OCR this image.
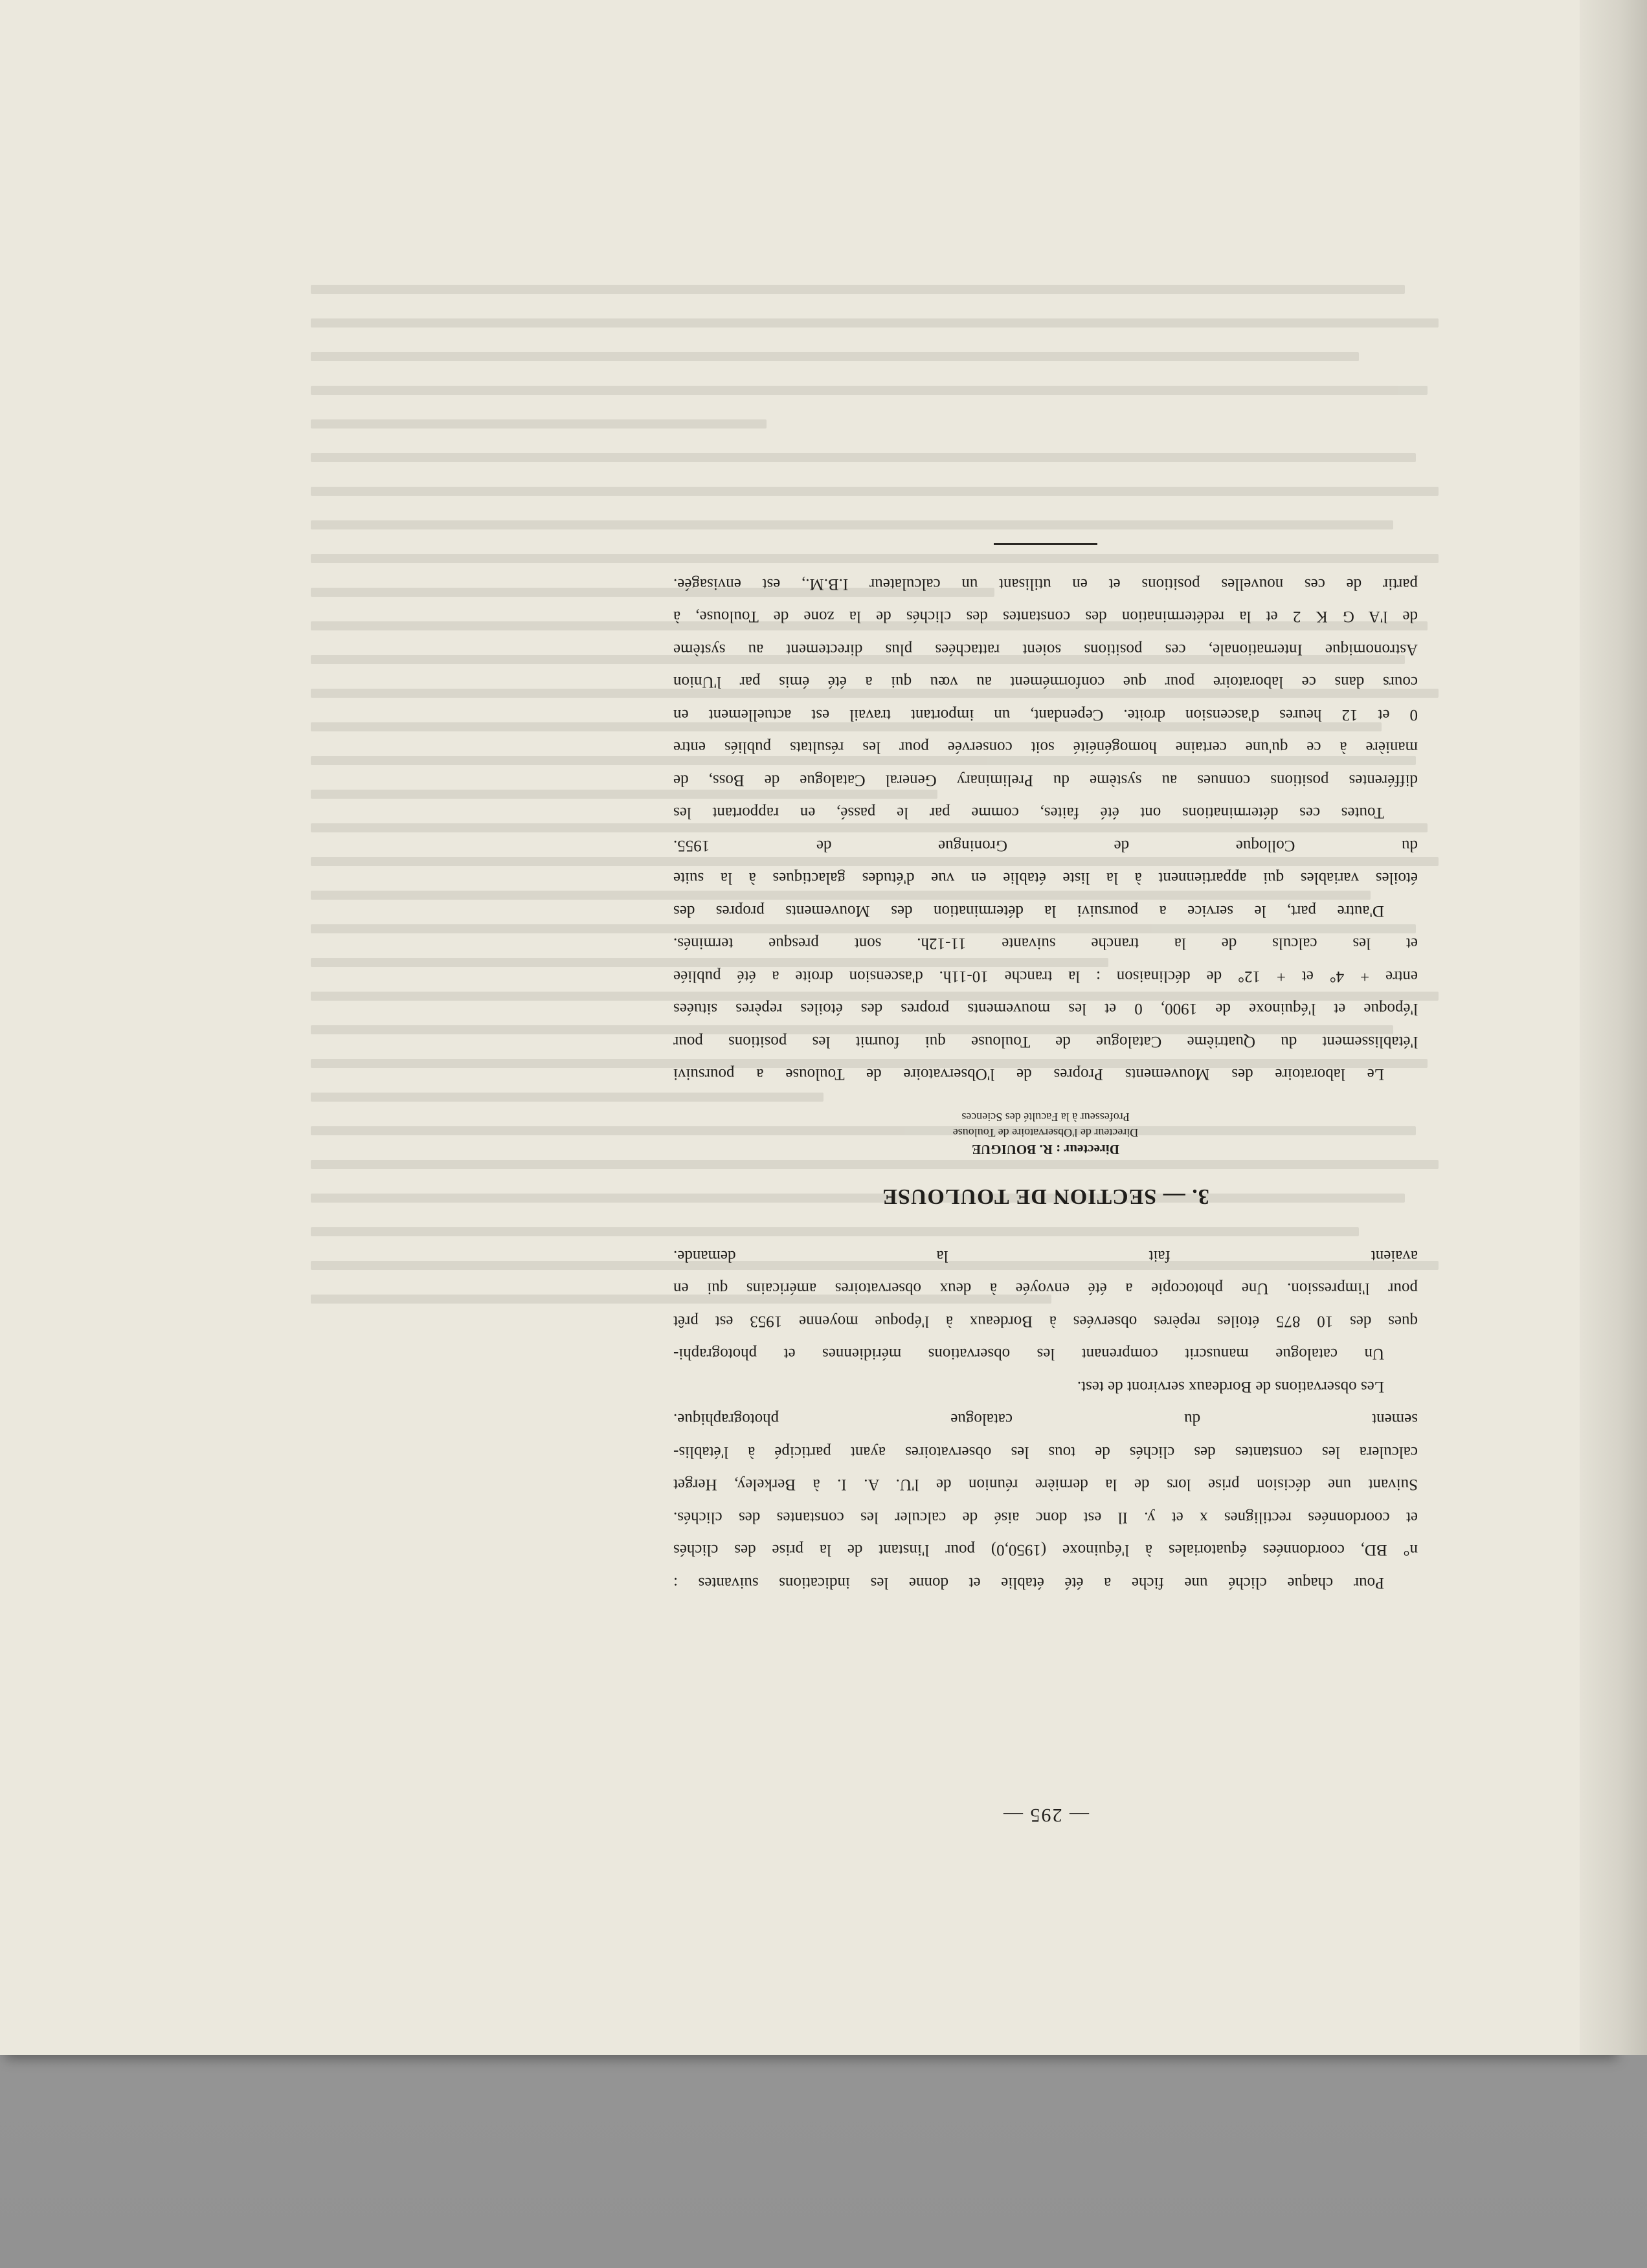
— 295 —

Pour chaque cliché une fiche a été établie et donne les indications suivantes :
n° BD, coordonnées équatoriales à l'équinoxe (1950,0) pour l'instant de la prise des clichés
et coordonnées rectilignes x et y. Il est donc aisé de calculer les constantes des clichés.
Suivant une décision prise lors de la dernière réunion de l'U. A. I. à Berkeley, Herget
calculera les constantes des clichés de tous les observatoires ayant participé à l'établis-
sement du catalogue photographique.

Les observations de Bordeaux serviront de test.

Un catalogue manuscrit comprenant les observations méridiennes et photographi-
ques des 10 875 étoiles repères observées à Bordeaux à l'époque moyenne 1953 est prêt
pour l'impression. Une photocopie a été envoyée à deux observatoires américains qui en
avaient fait la demande.

3. — SECTION DE TOULOUSE
Directeur : R. BOUIGUE
Directeur de l'Observatoire de Toulouse
Professeur à la Faculté des Sciences

Le laboratoire des Mouvements Propres de l'Observatoire de Toulouse a poursuivi
l'établissement du Quatrième Catalogue de Toulouse qui fournit les positions pour
l'époque et l'équinoxe de 1900, 0 et les mouvements propres des étoiles repères situées
entre + 4° et + 12° de déclinaison : la tranche 10-11h. d'ascension droite a été publiée
et les calculs de la tranche suivante 11-12h. sont presque terminés.

D'autre part, le service a poursuivi la détermination des Mouvements propres des
étoiles variables qui appartiennent à la liste établie en vue d'études galactiques à la suite
du Colloque de Groningue de 1955.

Toutes ces déterminations ont été faites, comme par le passé, en rapportant les
différentes positions connues au système du Preliminary General Catalogue de Boss, de
manière à ce qu'une certaine homogénéité soit conservée pour les résultats publiés entre
0 et 12 heures d'ascension droite. Cependant, un important travail est actuellement en
cours dans ce laboratoire pour que conformément au vœu qui a été émis par l'Union
Astronomique Internationale, ces positions soient rattachées plus directement au système
de l'A G K 2 et la redétermination des constantes des clichés de la zone de Toulouse, à
partir de ces nouvelles positions et en utilisant un calculateur I.B.M., est envisagée.
